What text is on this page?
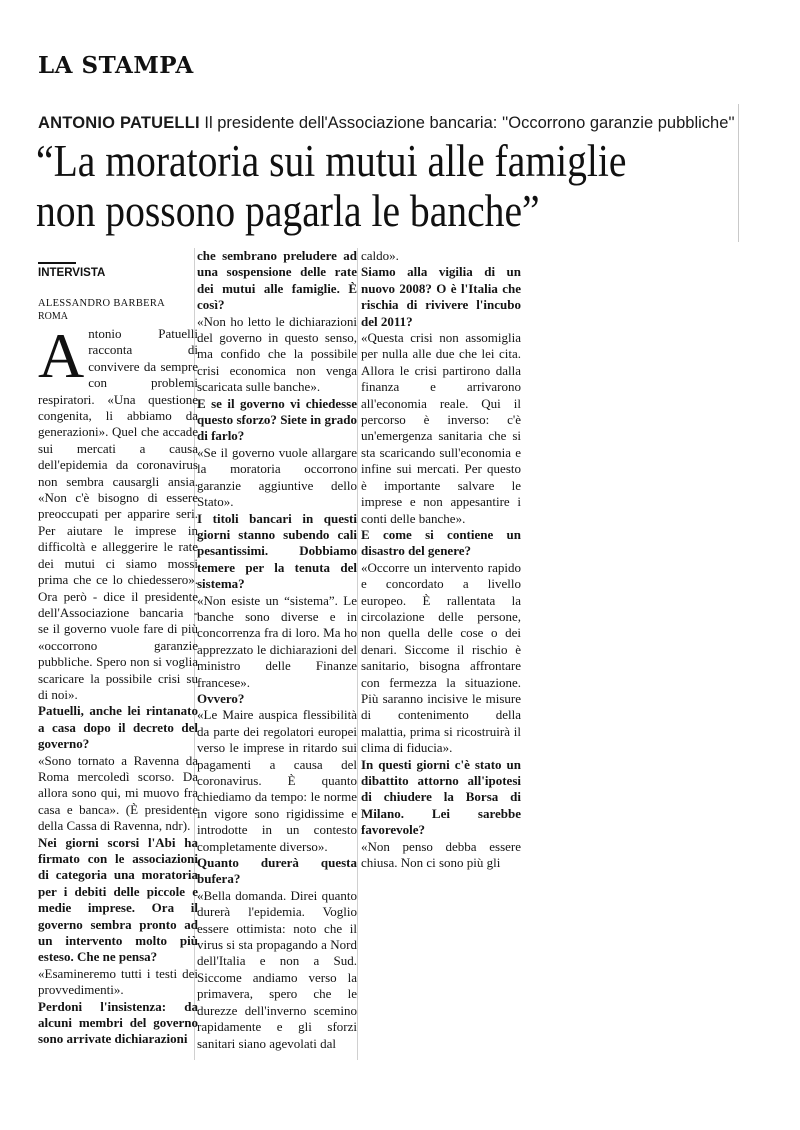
LA STAMPA
ANTONIO PATUELLI Il presidente dell'Associazione bancaria: ''Occorrono garanzie pubbliche''
“La moratoria sui mutui alle famiglie
non possono pagarla le banche”
INTERVISTA
ALESSANDRO BARBERA
ROMA

Antonio Patuelli racconta di convivere da sempre con problemi respiratori. «Una questione congenita, li abbiamo da generazioni». Quel che accade sui mercati a causa dell'epidemia da coronavirus non sembra causargli ansia. «Non c'è bisogno di essere preoccupati per apparire seri. Per aiutare le imprese in difficoltà e alleggerire le rate dei mutui ci siamo mossi prima che ce lo chiedessero». Ora però - dice il presidente dell'Associazione bancaria - se il governo vuole fare di più «occorrono garanzie pubbliche. Spero non si voglia scaricare la possibile crisi su di noi».

Patuelli, anche lei rintanato a casa dopo il decreto del governo?

«Sono tornato a Ravenna da Roma mercoledì scorso. Da allora sono qui, mi muovo fra casa e banca». (È presidente della Cassa di Ravenna, ndr).

Nei giorni scorsi l'Abi ha firmato con le associazioni di categoria una moratoria per i debiti delle piccole e medie imprese. Ora il governo sembra pronto ad un intervento molto più esteso. Che ne pensa?

«Esamineremo tutti i testi dei provvedimenti».

Perdoni l'insistenza: da alcuni membri del governo sono arrivate dichiarazioni

che sembrano preludere ad una sospensione delle rate dei mutui alle famiglie. È così?

«Non ho letto le dichiarazioni del governo in questo senso, ma confido che la possibile crisi economica non venga scaricata sulle banche».

E se il governo vi chiedesse questo sforzo? Siete in grado di farlo?

«Se il governo vuole allargare la moratoria occorrono garanzie aggiuntive dello Stato».

I titoli bancari in questi giorni stanno subendo cali pesantissimi. Dobbiamo temere per la tenuta del sistema?

«Non esiste un “sistema”. Le banche sono diverse e in concorrenza fra di loro. Ma ho apprezzato le dichiarazioni del ministro delle Finanze francese».

Ovvero?

«Le Maire auspica flessibilità da parte dei regolatori europei verso le imprese in ritardo sui pagamenti a causa del coronavirus. È quanto chiediamo da tempo: le norme in vigore sono rigidissime e introdotte in un contesto completamente diverso».

Quanto durerà questa bufera?

«Bella domanda. Direi quanto durerà l'epidemia. Voglio essere ottimista: noto che il virus si sta propagando a Nord dell'Italia e non a Sud. Siccome andiamo verso la primavera, spero che le durezze dell'inverno scemino rapidamente e gli sforzi sanitari siano agevolati dal

caldo».

Siamo alla vigilia di un nuovo 2008? O è l'Italia che rischia di rivivere l'incubo del 2011?

«Questa crisi non assomiglia per nulla alle due che lei cita. Allora le crisi partirono dalla finanza e arrivarono all'economia reale. Qui il percorso è inverso: c'è un'emergenza sanitaria che si sta scaricando sull'economia e infine sui mercati. Per questo è importante salvare le imprese e non appesantire i conti delle banche».

E come si contiene un disastro del genere?

«Occorre un intervento rapido e concordato a livello europeo. È rallentata la circolazione delle persone, non quella delle cose o dei denari. Siccome il rischio è sanitario, bisogna affrontare con fermezza la situazione. Più saranno incisive le misure di contenimento della malattia, prima si ricostruirà il clima di fiducia».

In questi giorni c'è stato un dibattito attorno all'ipotesi di chiudere la Borsa di Milano. Lei sarebbe favorevole?

«Non penso debba essere chiusa. Non ci sono più gli
